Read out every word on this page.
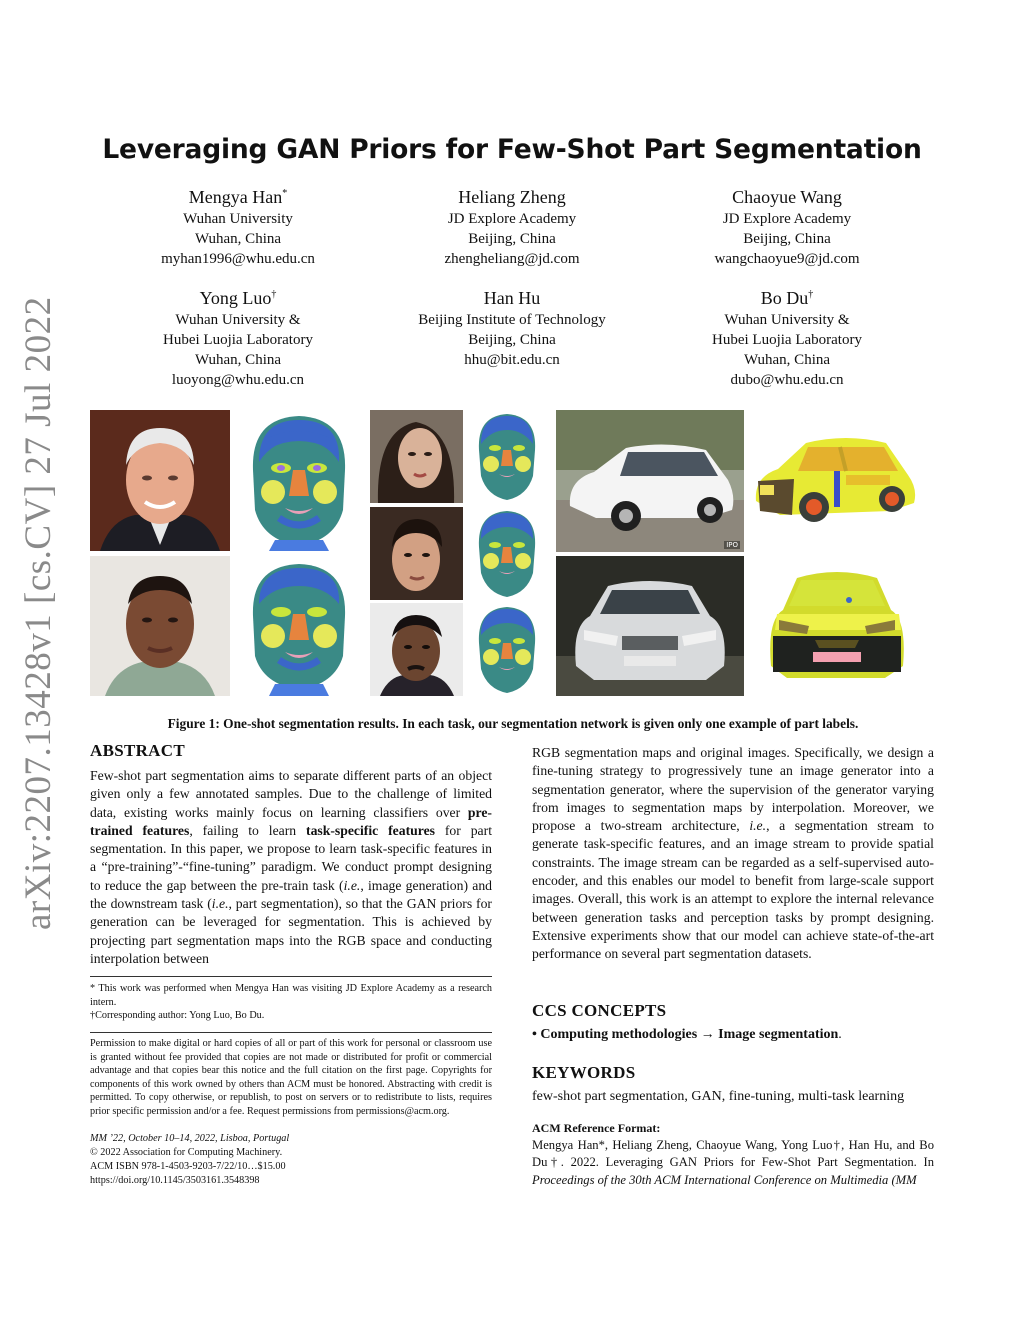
Leveraging GAN Priors for Few-Shot Part Segmentation
Mengya Han*
Wuhan University
Wuhan, China
myhan1996@whu.edu.cn
Heliang Zheng
JD Explore Academy
Beijing, China
zhengheliang@jd.com
Chaoyue Wang
JD Explore Academy
Beijing, China
wangchaoyue9@jd.com
Yong Luo†
Wuhan University &
Hubei Luojia Laboratory
Wuhan, China
luoyong@whu.edu.cn
Han Hu
Beijing Institute of Technology
Beijing, China
hhu@bit.edu.cn
Bo Du†
Wuhan University &
Hubei Luojia Laboratory
Wuhan, China
dubo@whu.edu.cn
arXiv:2207.13428v1 [cs.CV] 27 Jul 2022	IPO
Figure 1: One-shot segmentation results. In each task, our segmentation network is given only one example of part labels.
ABSTRACT
Few-shot part segmentation aims to separate different parts of an object given only a few annotated samples. Due to the challenge of limited data, existing works mainly focus on learning classifiers over pre-trained features, failing to learn task-specific features for part segmentation. In this paper, we propose to learn task-specific features in a “pre-training”-“fine-tuning” paradigm. We conduct prompt designing to reduce the gap between the pre-train task (i.e., image generation) and the downstream task (i.e., part segmentation), so that the GAN priors for generation can be leveraged for segmentation. This is achieved by projecting part segmentation maps into the RGB space and conducting interpolation between
* This work was performed when Mengya Han was visiting JD Explore Academy as a research intern.
†Corresponding author: Yong Luo, Bo Du.
Permission to make digital or hard copies of all or part of this work for personal or classroom use is granted without fee provided that copies are not made or distributed for profit or commercial advantage and that copies bear this notice and the full citation on the first page. Copyrights for components of this work owned by others than ACM must be honored. Abstracting with credit is permitted. To copy otherwise, or republish, to post on servers or to redistribute to lists, requires prior specific permission and/or a fee. Request permissions from permissions@acm.org.
MM ’22, October 10–14, 2022, Lisboa, Portugal
© 2022 Association for Computing Machinery.
ACM ISBN 978-1-4503-9203-7/22/10…$15.00
https://doi.org/10.1145/3503161.3548398
RGB segmentation maps and original images. Specifically, we design a fine-tuning strategy to progressively tune an image generator into a segmentation generator, where the supervision of the generator varying from images to segmentation maps by interpolation. Moreover, we propose a two-stream architecture, i.e., a segmentation stream to generate task-specific features, and an image stream to provide spatial constraints. The image stream can be regarded as a self-supervised auto-encoder, and this enables our model to benefit from large-scale support images. Overall, this work is an attempt to explore the internal relevance between generation tasks and perception tasks by prompt designing. Extensive experiments show that our model can achieve state-of-the-art performance on several part segmentation datasets.
CCS CONCEPTS
• Computing methodologies → Image segmentation.
KEYWORDS
few-shot part segmentation, GAN, fine-tuning, multi-task learning
ACM Reference Format:
Mengya Han*, Heliang Zheng, Chaoyue Wang, Yong Luo†, Han Hu, and Bo Du†. 2022. Leveraging GAN Priors for Few-Shot Part Segmentation. In Proceedings of the 30th ACM International Conference on Multimedia (MM
